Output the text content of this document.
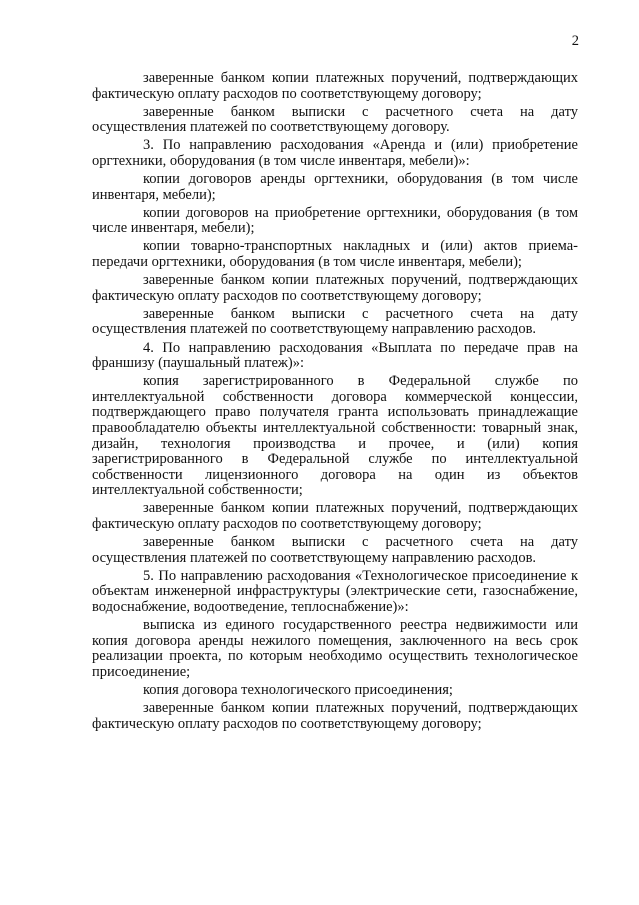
2

заверенные банком копии платежных поручений, подтверждающих фактическую оплату расходов по соответствующему договору;

заверенные банком выписки с расчетного счета на дату осуществления платежей по соответствующему договору.

3. По направлению расходования «Аренда и (или) приобретение оргтехники, оборудования (в том числе инвентаря, мебели)»:

копии договоров аренды оргтехники, оборудования (в том числе инвентаря, мебели);

копии договоров на приобретение оргтехники, оборудования (в том числе инвентаря, мебели);

копии товарно-транспортных накладных и (или) актов приема-передачи оргтехники, оборудования (в том числе инвентаря, мебели);

заверенные банком копии платежных поручений, подтверждающих фактическую оплату расходов по соответствующему договору;

заверенные банком выписки с расчетного счета на дату осуществления платежей по соответствующему направлению расходов.

4. По направлению расходования «Выплата по передаче прав на франшизу (паушальный платеж)»:

копия зарегистрированного в Федеральной службе по интеллектуальной собственности договора коммерческой концессии, подтверждающего право получателя гранта использовать принадлежащие правообладателю объекты интеллектуальной собственности: товарный знак, дизайн, технология производства и прочее, и (или) копия зарегистрированного в Федеральной службе по интеллектуальной собственности лицензионного договора на один из объектов интеллектуальной собственности;

заверенные банком копии платежных поручений, подтверждающих фактическую оплату расходов по соответствующему договору;

заверенные банком выписки с расчетного счета на дату осуществления платежей по соответствующему направлению расходов.

5. По направлению расходования «Технологическое присоединение к объектам инженерной инфраструктуры (электрические сети, газоснабжение, водоснабжение, водоотведение, теплоснабжение)»:

выписка из единого государственного реестра недвижимости или копия договора аренды нежилого помещения, заключенного на весь срок реализации проекта, по которым необходимо осуществить технологическое присоединение;

копия договора технологического присоединения;

заверенные банком копии платежных поручений, подтверждающих фактическую оплату расходов по соответствующему договору;
